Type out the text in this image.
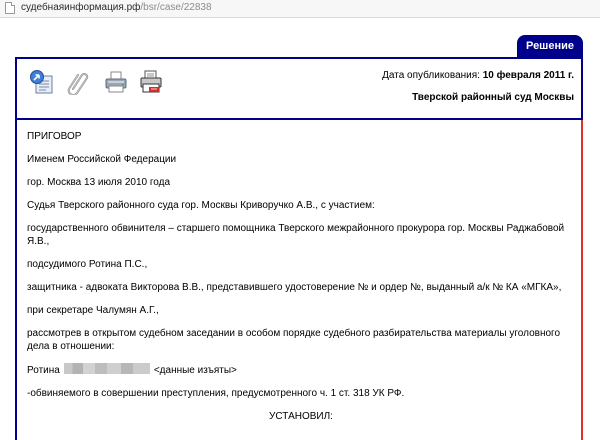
судебнаяинформация.рф/bsr/case/22838
Решение
Дата опубликования: 10 февраля 2011 г.
Тверской районный суд Москвы

ПРИГОВОР

Именем Российской Федерации

гор. Москва 13 июля 2010 года

Судья Тверского районного суда гор. Москвы Криворучко А.В., с участием:

государственного обвинителя – старшего помощника Тверского межрайонного прокурора гор. Москвы Раджабовой Я.В.,

подсудимого Ротина П.С.,

защитника - адвоката Викторова В.В., представившего удостоверение № и ордер №, выданный а/к № КА «МГКА»,

при секретаре Чалумян А.Г.,

рассмотрев в открытом судебном заседании в особом порядке судебного разбирательства материалы уголовного дела в отношении:

Ротина	<данные изъяты>

-обвиняемого в совершении преступления, предусмотренного ч. 1 ст. 318 УК РФ.

УСТАНОВИЛ:
